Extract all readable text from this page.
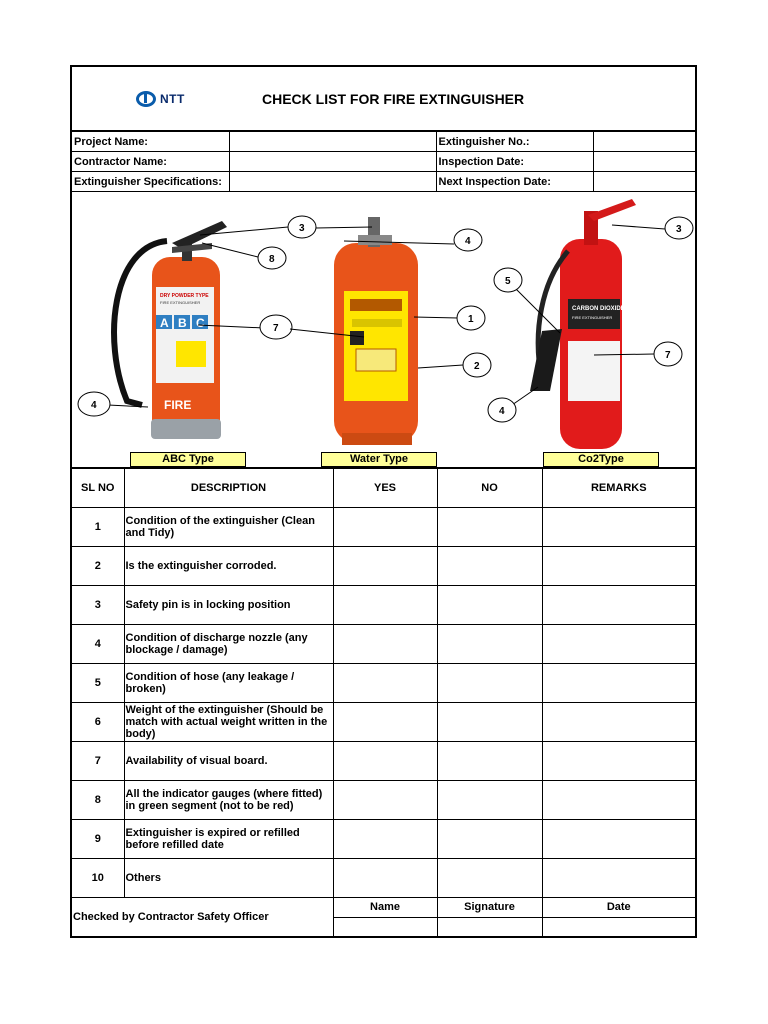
NTT	CHECK LIST FOR FIRE EXTINGUISHER
Project Name:		Extinguisher No.:	
Contractor Name:		Inspection Date:	
Extinguisher Specifications:		Next Inspection Date:	
DRY POWDER TYPE
FIRE EXTINGUISHER
A B C
FIRE
CARBON DIOXIDE
FIRE EXTINGUISHER
3
8
7
4
4
1
2
3
5
7
4
ABC Type	Water Type	Co2Type
SL NO	DESCRIPTION	YES	NO	REMARKS
1	Condition of the extinguisher (Clean and Tidy)			
2	Is the extinguisher corroded.			
3	Safety pin is in locking position			
4	Condition of discharge nozzle (any blockage / damage)			
5	Condition of hose (any leakage / broken)			
6	Weight of the extinguisher (Should be match with actual weight written in the body)			
7	Availability of visual board.			
8	All the indicator gauges (where fitted) in green segment (not to be red)			
9	Extinguisher is expired or refilled before refilled date			
10	Others			
Checked by Contractor Safety Officer		Name	Signature	Date
